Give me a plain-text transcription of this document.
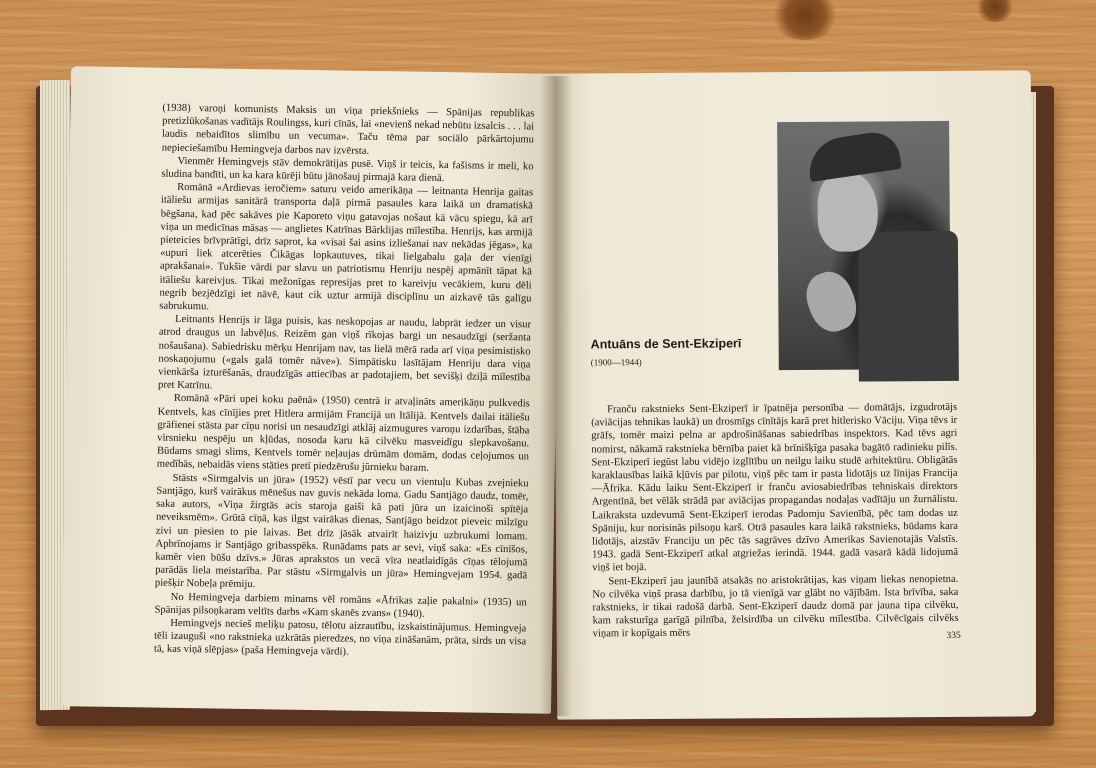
(1938) varoņi komunists Maksis un viņa priekšnieks — Spānijas republikas pretizlūkošanas vadītājs Roulingss, kuri cīnās, lai «nevienš nekad nebūtu izsalcis . . . lai laudis nebaidītos slimību un vecuma». Taču tēma par sociālo pārkārtojumu nepieciešamību Hemingveja darbos nav izvērsta.

Vienmēr Hemingvejs stāv demokrātijas pusē. Viņš ir teicis, ka fašisms ir meli, ko sludina bandīti, un ka kara kūrēji būtu jānošauj pirmajā kara dienā.

Romānā «Ardievas ieročiem» saturu veido amerikāņa — leitnanta Henrija gaitas itāliešu armijas sanitārā transporta daļā pirmā pasaules kara laikā un dramatiskā bēgšana, kad pēc sakāves pie Kaporeto viņu gatavojas nošaut kā vācu spiegu, kā arī viņa un medicīnas māsas — anglietes Katrīnas Bārklijas mīlestība. Henrijs, kas armijā pieteicies brīvprātīgi, drīz saprot, ka «visai šai asins izliešanai nav nekādas jēgas», ka «upuri liek atcerēties Čikāgas lopkautuves, tikai lielgabalu gaļa der vienīgi aprakšanai». Tukšie vārdi par slavu un patriotismu Henriju nespēj apmānīt tāpat kā itāliešu kareivjus. Tikai mežonīgas represijas pret to kareivju vecākiem, kuru dēli negrib bezjēdzīgi iet nāvē, kaut cik uztur armijā disciplīnu un aizkavē tās galīgu sabrukumu.

Leitnants Henrijs ir lāga puisis, kas neskopojas ar naudu, labprāt iedzer un visur atrod draugus un labvēļus. Reizēm gan viņš rīkojas bargi un nesaudzīgi (seržanta nošaušana). Sabiedrisku mērķu Henrijam nav, tas lielā mērā rada arī viņa pesimistisko noskaņojumu («gals galā tomēr nāve»). Simpātisku lasītājam Henriju dara viņa vienkārša izturēšanās, draudzīgās attiecības ar padotajiem, bet sevišķi dziļā mīlestība pret Katrīnu.

Romānā «Pāri upei koku paēnā» (1950) centrā ir atvaļināts amerikāņu pulkvedis Kentvels, kas cīnījies pret Hitlera armijām Francijā un Itālijā. Kentvels dailai itāliešu grāfienei stāsta par cīņu norisi un nesaudzīgi atklāj aizmugures varoņu izdarības, štāba virsnieku nespēju un kļūdas, nosoda karu kā cilvēku masveidīgu slepkavošanu. Būdams smagi slims, Kentvels tomēr neļaujas drūmām domām, dodas ceļojumos un medībās, nebaidās viens stāties pretī piedzērušu jūrnieku baram.

Stāsts «Sirmgalvis un jūra» (1952) vēstī par vecu un vientuļu Kubas zvejnieku Santjāgo, kurš vairākus mēnešus nav guvis nekāda loma. Gadu Santjāgo daudz, tomēr, saka autors, «Viņa žirgtās acis staroja gaiši kā pati jūra un izaicinoši spītēja neveiksmēm». Grūtā cīņā, kas ilgst vairākas dienas, Santjāgo beidzot pieveic milzīgu zivi un piesien to pie laivas. Bet drīz jāsāk atvairīt haizivju uzbrukumi lomam. Apbrīnojams ir Santjāgo gribasspēks. Runādams pats ar sevi, viņš saka: «Es cīnīšos, kamēr vien būšu dzīvs.» Jūras aprakstos un vecā vīra neatlaidīgās cīņas tēlojumā parādās liela meistarība. Par stāstu «Sirmgalvis un jūra» Hemingvejam 1954. gadā piešķir Nobeļa prēmiju.

No Hemingveja darbiem minams vēl romāns «Āfrikas zaļie pakalni» (1935) un Spānijas pilsoņkaram veltīts darbs «Kam skanēs zvans» (1940).

Hemingvejs necieš meliķu patosu, tēlotu aizrautību, izskaistinājumus. Hemingveja tēli izauguši «no rakstnieka uzkrātās pieredzes, no viņa zināšanām, prāta, sirds un visa tā, kas viņā slēpjas» (paša Hemingveja vārdi).

Antuāns de Sent-Ekziperī
(1900—1944)

Franču rakstnieks Sent-Ekziperī ir īpatnēja personība — domātājs, izgudrotājs (aviācijas tehnikas laukā) un drosmīgs cīnītājs karā pret hitlerisko Vāciju. Viņa tēvs ir grāfs, tomēr maizi pelna ar apdrošināšanas sabiedrības inspektors. Kad tēvs agri nomirst, nākamā rakstnieka bērnība paiet kā brīnišķīga pasaka bagātō radinieku pilīs. Sent-Ekziperī iegūst labu vidējo izglītību un neilgu laiku studē arhitektūru. Obligātās karaklausības laikā kļūvis par pilotu, viņš pēc tam ir pasta lidotājs uz līnijas Francija—Āfrika. Kādu laiku Sent-Ekziperī ir franču aviosabiedrības tehniskais direktors Argentīnā, bet vēlāk strādā par aviācijas propagandas nodaļas vadītāju un žurnālistu. Laikraksta uzdevumā Sent-Ekziperī ierodas Padomju Savienībā, pēc tam dodas uz Spāniju, kur norisinās pilsoņu karš. Otrā pasaules kara laikā rakstnieks, būdams kara lidotājs, aizstāv Franciju un pēc tās sagrāves dzīvo Amerikas Savienotajās Valstīs. 1943. gadā Sent-Ekziperī atkal atgriežas ierindā. 1944. gadā vasarā kādā lidojumā viņš iet bojā.

Sent-Ekziperī jau jaunībā atsakās no aristokrātijas, kas viņam liekas nenopietna. No cilvēka viņš prasa darbību, jo tā vienīgā var glābt no vājībām. Ista brīvība, saka rakstnieks, ir tikai radošā darbā. Sent-Ekziperī daudz domā par jauna tipa cilvēku, kam raksturīga garīgā pilnība, želsirdība un cilvēku mīlestība. Cilvēcīgais cilvēks viņam ir kopīgais mērs	335
